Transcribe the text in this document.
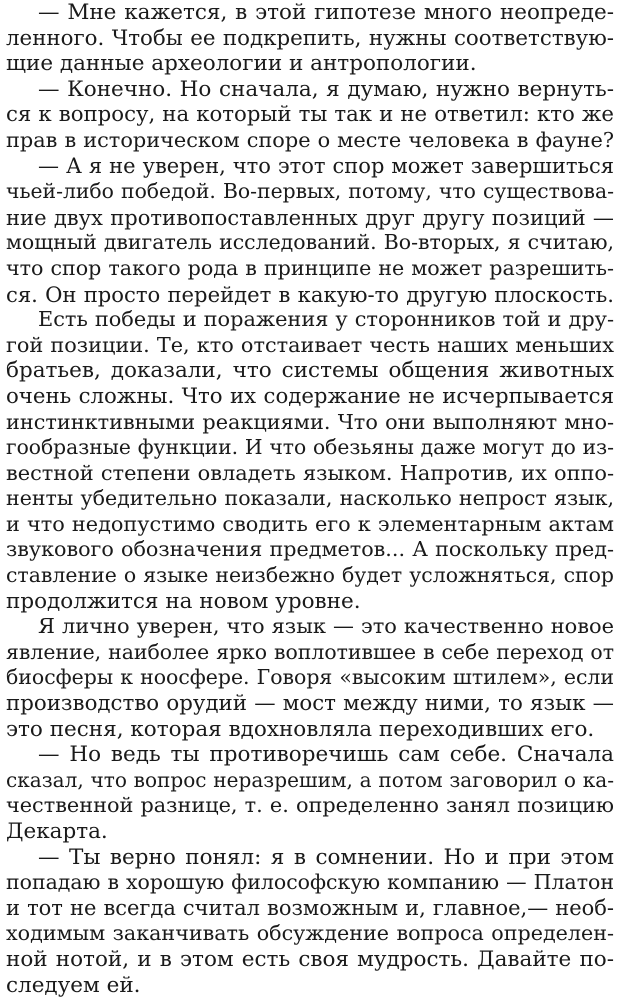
— Мне кажется, в этой гипотезе много неопреде-
ленного. Чтобы ее подкрепить, нужны соответствую-
щие данные археологии и антропологии.
— Конечно. Но сначала, я думаю, нужно вернуть-
ся к вопросу, на который ты так и не ответил: кто же
прав в историческом споре о месте человека в фауне?
— А я не уверен, что этот спор может завершиться
чьей-либо победой. Во-первых, потому, что существова-
ние двух противопоставленных друг другу позиций —
мощный двигатель исследований. Во-вторых, я считаю,
что спор такого рода в принципе не может разрешить-
ся. Он просто перейдет в какую-то другую плоскость.
Есть победы и поражения у сторонников той и дру-
гой позиции. Те, кто отстаивает честь наших меньших
братьев, доказали, что системы общения животных
очень сложны. Что их содержание не исчерпывается
инстинктивными реакциями. Что они выполняют мно-
гообразные функции. И что обезьяны даже могут до из-
вестной степени овладеть языком. Напротив, их оппо-
ненты убедительно показали, насколько непрост язык,
и что недопустимо сводить его к элементарным актам
звукового обозначения предметов... А поскольку пред-
ставление о языке неизбежно будет усложняться, спор
продолжится на новом уровне.
Я лично уверен, что язык — это качественно новое
явление, наиболее ярко воплотившее в себе переход от
биосферы к ноосфере. Говоря «высоким штилем», если
производство орудий — мост между ними, то язык —
это песня, которая вдохновляла переходивших его.
— Но ведь ты противоречишь сам себе. Сначала
сказал, что вопрос неразрешим, а потом заговорил о ка-
чественной разнице, т. е. определенно занял позицию
Декарта.
— Ты верно понял: я в сомнении. Но и при этом
попадаю в хорошую философскую компанию — Платон
и тот не всегда считал возможным и, главное,— необ-
ходимым заканчивать обсуждение вопроса определен-
ной нотой, и в этом есть своя мудрость. Давайте по-
следуем ей.
